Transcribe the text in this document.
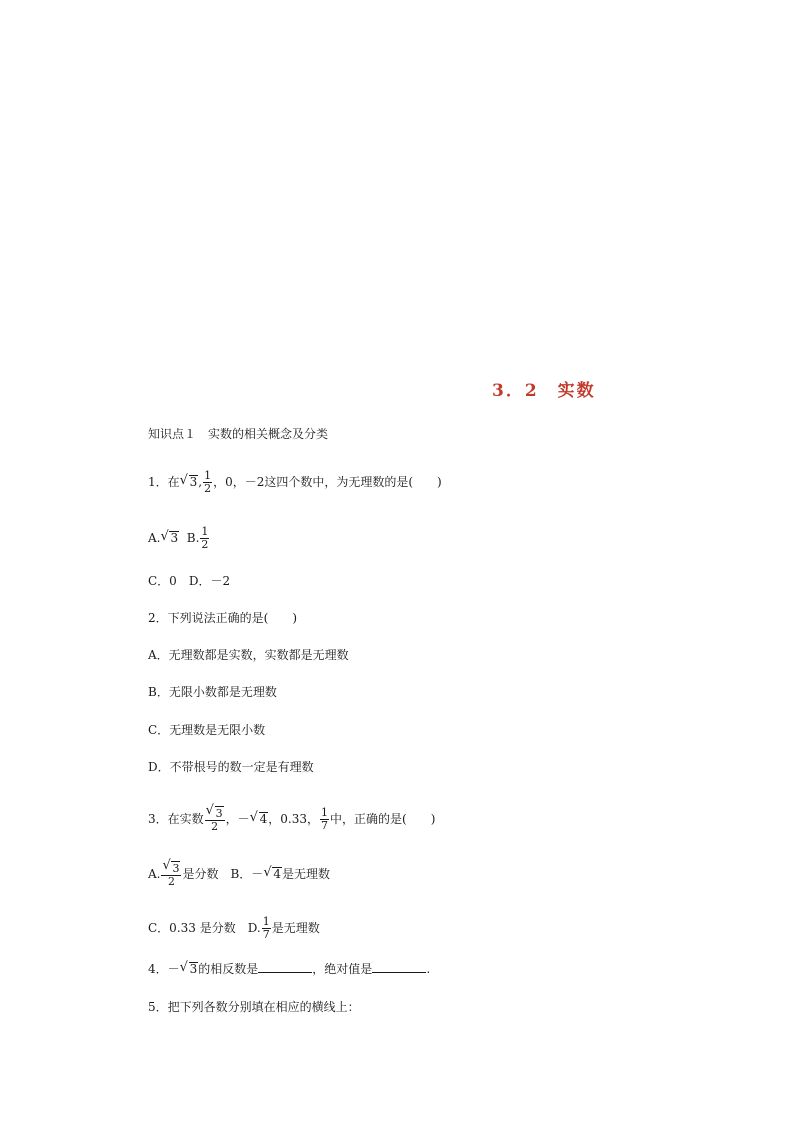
3．2　实数
知识点１　实数的相关概念及分类
1．在 √ 3, $\frac{1}{2}$ ，0，－2这四个数中，为无理数的是(　　)
A. √ 3 B. $\frac{1}{2}$
C．0　D．－2
2．下列说法正确的是(　　)
A．无理数都是实数，实数都是无理数
B．无限小数都是无理数
C．无理数是无限小数
D．不带根号的数一定是有理数
3．在实数 √ $\frac{3}{2}$ ，－ √ 4，0.33， $\frac{1}{7}$ 中，正确的是(　　)
A. √ $\frac{3}{2}$ 是分数　B．－ √ 4是无理数
C．0.33 是分数　D. $\frac{1}{7}$ 是无理数
4．－ √ 3的相反数是	，绝对值是	.
5．把下列各数分别填在相应的横线上：
